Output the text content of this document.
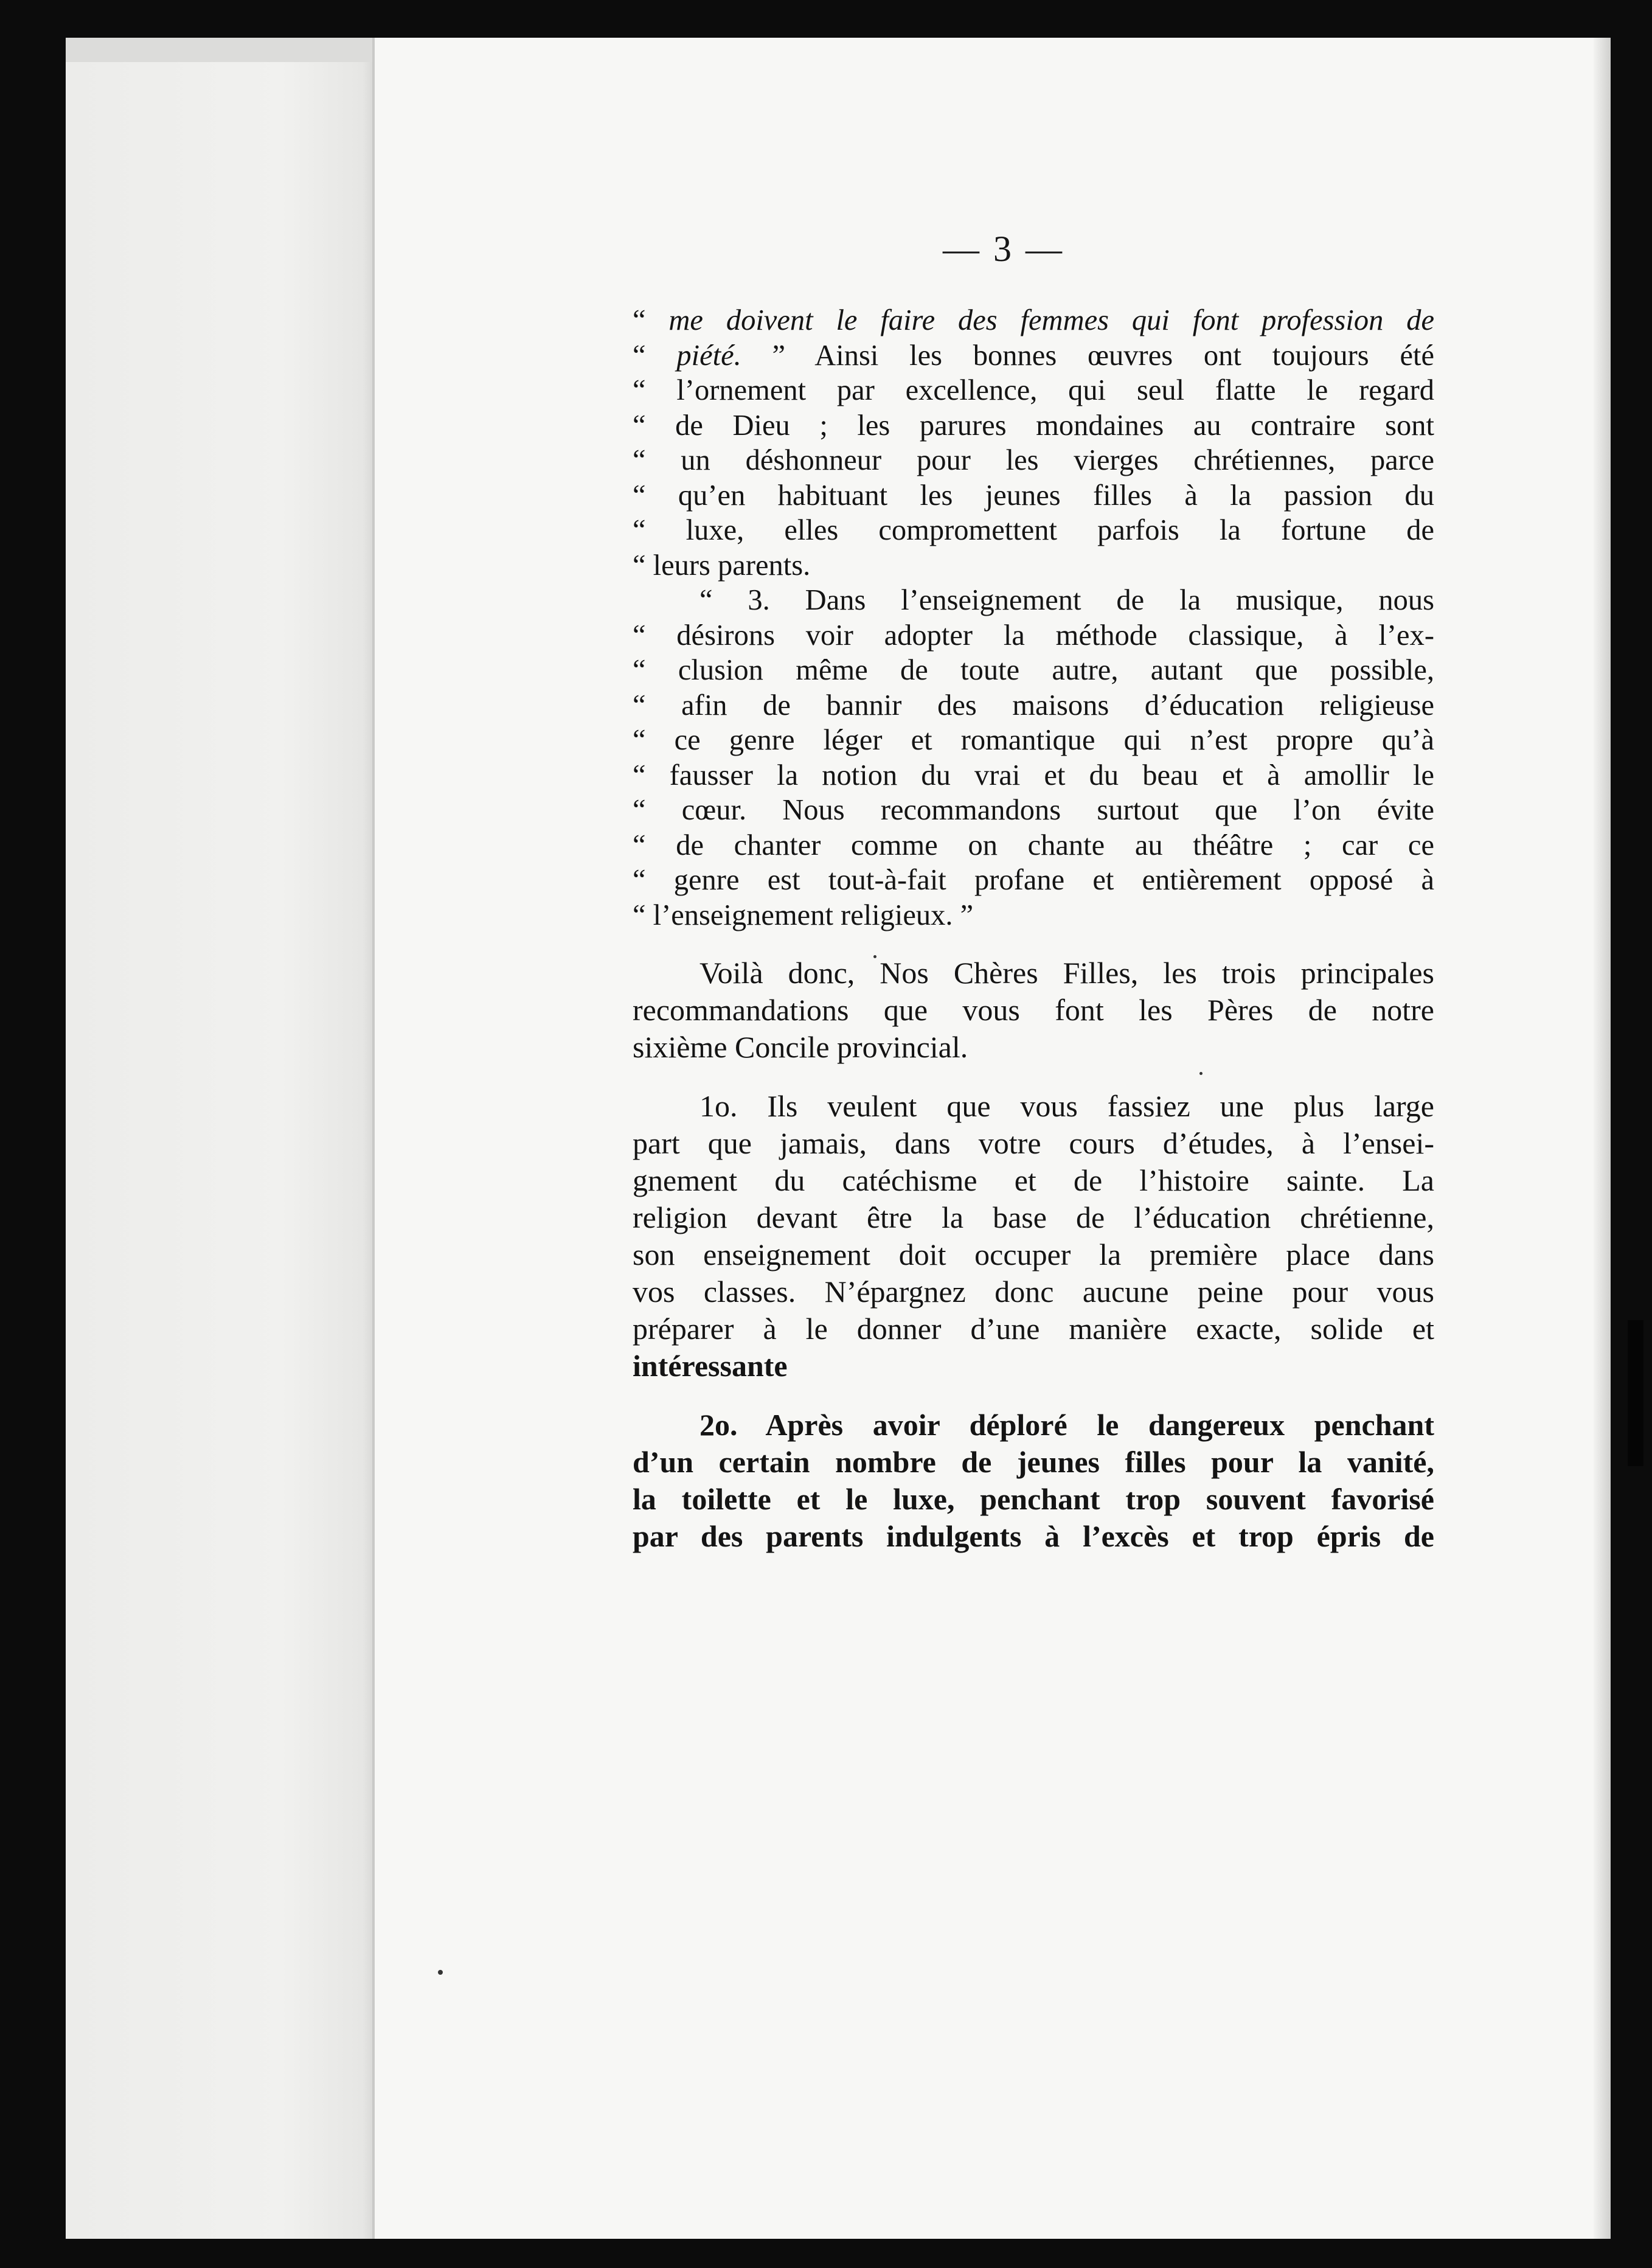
— 3 —
“ me doivent le faire des femmes qui font profession de
“ piété. ” Ainsi les bonnes œuvres ont toujours été
“ l’ornement par excellence, qui seul flatte le regard
“ de Dieu ; les parures mondaines au contraire sont
“ un déshonneur pour les vierges chrétiennes, parce
“ qu’en habituant les jeunes filles à la passion du
“ luxe, elles compromettent parfois la fortune de
“ leurs parents.
“ 3. Dans l’enseignement de la musique, nous
“ désirons voir adopter la méthode classique, à l’ex-
“ clusion même de toute autre, autant que possible,
“ afin de bannir des maisons d’éducation religieuse
“ ce genre léger et romantique qui n’est propre qu’à
“ fausser la notion du vrai et du beau et à amollir le
“ cœur. Nous recommandons surtout que l’on évite
“ de chanter comme on chante au théâtre ; car ce
“ genre est tout-à-fait profane et entièrement opposé à
“ l’enseignement religieux. ”
Voilà donc, Nos Chères Filles, les trois principales
recommandations que vous font les Pères de notre
sixième Concile provincial.
1o. Ils veulent que vous fassiez une plus large
part que jamais, dans votre cours d’études, à l’ensei-
gnement du catéchisme et de l’histoire sainte. La
religion devant être la base de l’éducation chrétienne,
son enseignement doit occuper la première place dans
vos classes. N’épargnez donc aucune peine pour vous
préparer à le donner d’une manière exacte, solide et
intéressante
2o. Après avoir déploré le dangereux penchant
d’un certain nombre de jeunes filles pour la vanité,
la toilette et le luxe, penchant trop souvent favorisé
par des parents indulgents à l’excès et trop épris de
